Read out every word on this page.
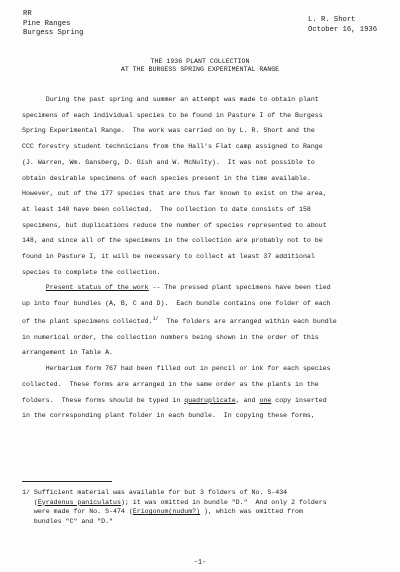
RR
Pine Ranges
Burgess Spring
L. R. Short
October 16, 1936
THE 1936 PLANT COLLECTION
AT THE BURGESS SPRING EXPERIMENTAL RANGE
During the past spring and summer an attempt was made to obtain plant
specimens of each individual species to be found in Pasture I of the Burgess
Spring Experimental Range.  The work was carried on by L. R. Short and the
CCC forestry student technicians from the Hall's Flat camp assigned to Range
(J. Warren, Wm. Gansberg, D. Gish and W. McNulty).  It was not possible to
obtain desirable specimens of each species present in the time available.
However, out of the 177 species that are thus far known to exist on the area,
at least 140 have been collected.  The collection to date consists of 158
specimens, but duplications reduce the number of species represented to about
148, and since all of the specimens in the collection are probably not to be
found in Pasture I, it will be necessary to collect at least 37 additional
species to complete the collection.
Present status of the work -- The pressed plant specimens have been tied
up into four bundles (A, B, C and D).  Each bundle contains one folder of each
of the plant specimens collected.$^{1/}$  The folders are arranged within each bundle
in numerical order, the collection numbers being shown in the order of this
arrangement in Table A.
Herbarium form 767 had been filled out in pencil or ink for each species
collected.  These forms are arranged in the same order as the plants in the
folders.  These forms should be typed in quadruplicate, and one copy inserted
in the corresponding plant folder in each bundle.  In copying these forms,
1/ Sufficient material was available for but 3 folders of No. S-434
(Eyradenus paniculatus); it was omitted in bundle "D."  And only 2 folders
were made for No. S-474 (Eriogonum(nudum?) ), which was omitted from
bundles "C" and "D."
-1-
